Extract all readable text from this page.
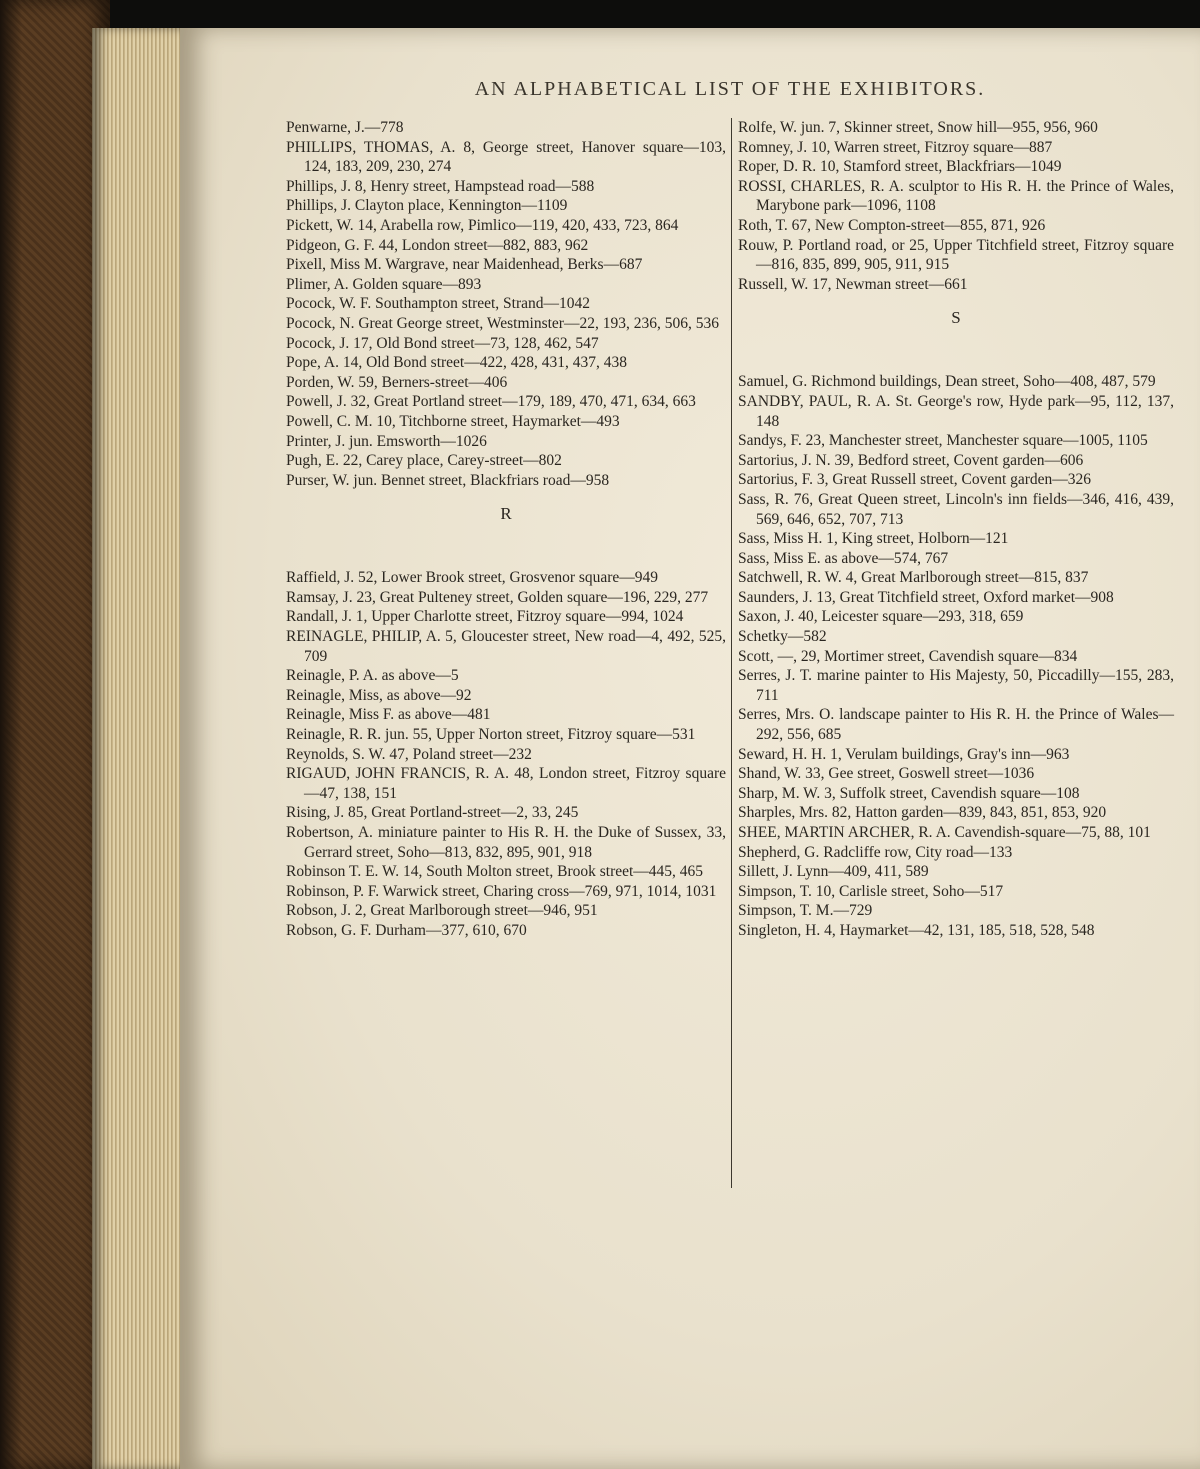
AN ALPHABETICAL LIST OF THE EXHIBITORS.

Penwarne, J.—778

PHILLIPS, THOMAS, A. 8, George street, Hanover square—103, 124, 183, 209, 230, 274

Phillips, J. 8, Henry street, Hampstead road—588

Phillips, J. Clayton place, Kennington—1109

Pickett, W. 14, Arabella row, Pimlico—119, 420, 433, 723, 864

Pidgeon, G. F. 44, London street—882, 883, 962

Pixell, Miss M. Wargrave, near Maidenhead, Berks—687

Plimer, A. Golden square—893

Pocock, W. F. Southampton street, Strand—1042

Pocock, N. Great George street, Westminster—22, 193, 236, 506, 536

Pocock, J. 17, Old Bond street—73, 128, 462, 547

Pope, A. 14, Old Bond street—422, 428, 431, 437, 438

Porden, W. 59, Berners-street—406

Powell, J. 32, Great Portland street—179, 189, 470, 471, 634, 663

Powell, C. M. 10, Titchborne street, Haymarket—493

Printer, J. jun. Emsworth—1026

Pugh, E. 22, Carey place, Carey-street—802

Purser, W. jun. Bennet street, Blackfriars road—958

R

Raffield, J. 52, Lower Brook street, Grosvenor square—949

Ramsay, J. 23, Great Pulteney street, Golden square—196, 229, 277

Randall, J. 1, Upper Charlotte street, Fitzroy square—994, 1024

REINAGLE, PHILIP, A. 5, Gloucester street, New road—4, 492, 525, 709

Reinagle, P. A. as above—5

Reinagle, Miss, as above—92

Reinagle, Miss F. as above—481

Reinagle, R. R. jun. 55, Upper Norton street, Fitzroy square—531

Reynolds, S. W. 47, Poland street—232

RIGAUD, JOHN FRANCIS, R. A. 48, London street, Fitzroy square—47, 138, 151

Rising, J. 85, Great Portland-street—2, 33, 245

Robertson, A. miniature painter to His R. H. the Duke of Sussex, 33, Gerrard street, Soho—813, 832, 895, 901, 918

Robinson T. E. W. 14, South Molton street, Brook street—445, 465

Robinson, P. F. Warwick street, Charing cross—769, 971, 1014, 1031

Robson, J. 2, Great Marlborough street—946, 951

Robson, G. F. Durham—377, 610, 670

Rolfe, W. jun. 7, Skinner street, Snow hill—955, 956, 960

Romney, J. 10, Warren street, Fitzroy square—887

Roper, D. R. 10, Stamford street, Blackfriars—1049

ROSSI, CHARLES, R. A. sculptor to His R. H. the Prince of Wales, Marybone park—1096, 1108

Roth, T. 67, New Compton-street—855, 871, 926

Rouw, P. Portland road, or 25, Upper Titchfield street, Fitzroy square—816, 835, 899, 905, 911, 915

Russell, W. 17, Newman street—661

S

Samuel, G. Richmond buildings, Dean street, Soho—408, 487, 579

SANDBY, PAUL, R. A. St. George's row, Hyde park—95, 112, 137, 148

Sandys, F. 23, Manchester street, Manchester square—1005, 1105

Sartorius, J. N. 39, Bedford street, Covent garden—606

Sartorius, F. 3, Great Russell street, Covent garden—326

Sass, R. 76, Great Queen street, Lincoln's inn fields—346, 416, 439, 569, 646, 652, 707, 713

Sass, Miss H. 1, King street, Holborn—121

Sass, Miss E. as above—574, 767

Satchwell, R. W. 4, Great Marlborough street—815, 837

Saunders, J. 13, Great Titchfield street, Oxford market—908

Saxon, J. 40, Leicester square—293, 318, 659

Schetky—582

Scott, —, 29, Mortimer street, Cavendish square—834

Serres, J. T. marine painter to His Majesty, 50, Piccadilly—155, 283, 711

Serres, Mrs. O. landscape painter to His R. H. the Prince of Wales—292, 556, 685

Seward, H. H. 1, Verulam buildings, Gray's inn—963

Shand, W. 33, Gee street, Goswell street—1036

Sharp, M. W. 3, Suffolk street, Cavendish square—108

Sharples, Mrs. 82, Hatton garden—839, 843, 851, 853, 920

SHEE, MARTIN ARCHER, R. A. Cavendish-square—75, 88, 101

Shepherd, G. Radcliffe row, City road—133

Sillett, J. Lynn—409, 411, 589

Simpson, T. 10, Carlisle street, Soho—517

Simpson, T. M.—729

Singleton, H. 4, Haymarket—42, 131, 185, 518, 528, 548
